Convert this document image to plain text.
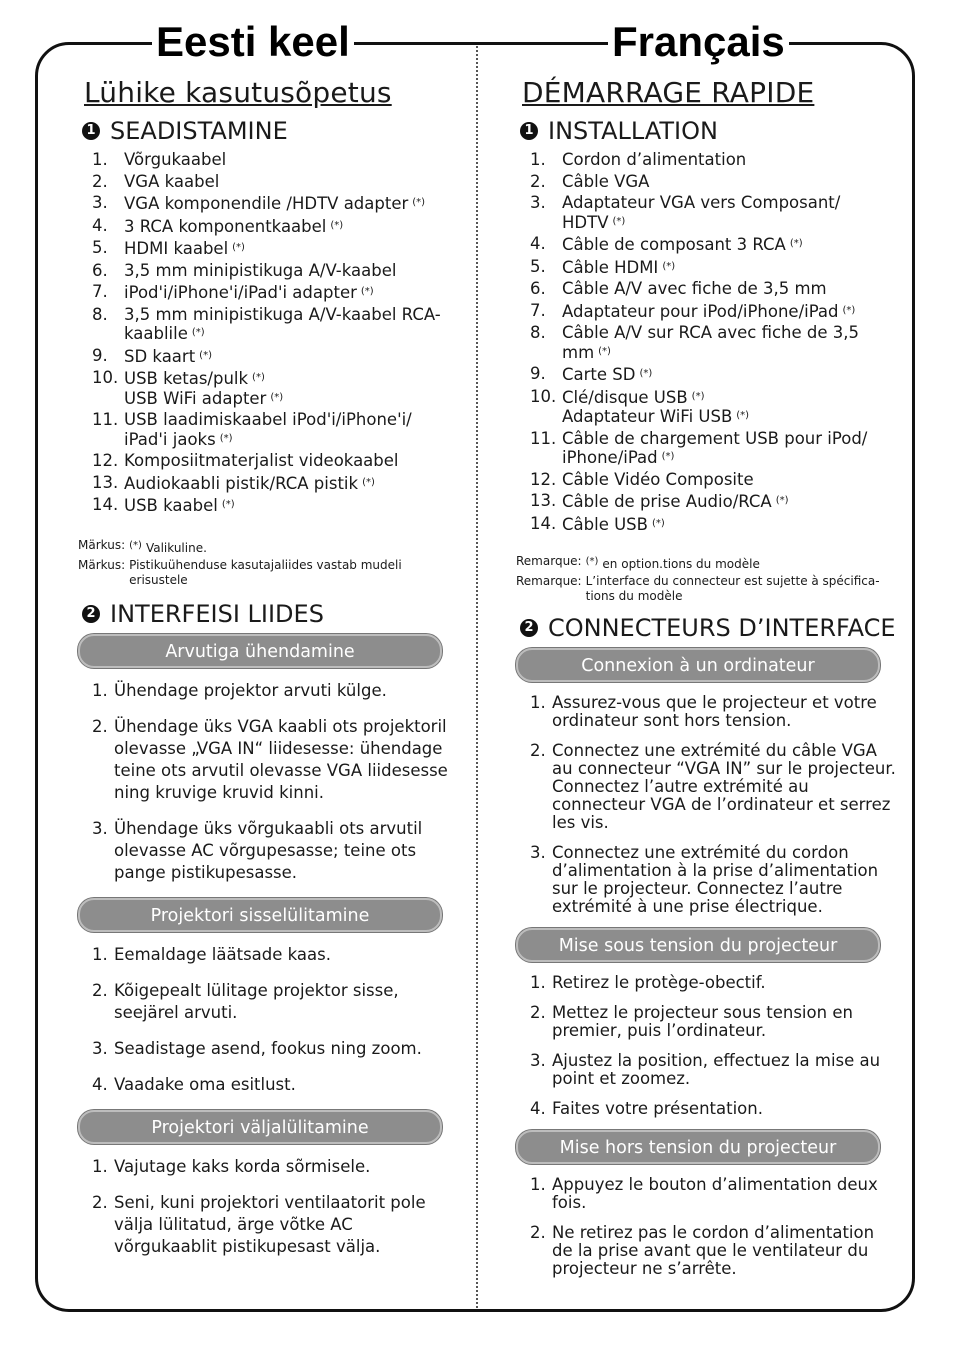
Eesti keel	Français
Lühike kasutusõpetus
1 SEADISTAMINE
1. Võrgukaabel
2. VGA kaabel
3. VGA komponendile /HDTV adapter (*)
4. 3 RCA komponentkaabel (*)
5. HDMI kaabel (*)
6. 3,5 mm minipistikuga A/V-kaabel
7. iPod'i/iPhone'i/iPad'i adapter (*)
8. 3,5 mm minipistikuga A/V-kaabel RCA-kaablile (*)
9. SD kaart (*)
10. USB ketas/pulk (*)
USB WiFi adapter (*)
11. USB laadimiskaabel iPod'i/iPhone'i/ iPad'i jaoks (*)
12. Komposiitmaterjalist videokaabel
13. Audiokaabli pistik/RCA pistik (*)
14. USB kaabel (*)
Märkus: (*) Valikuline.
Märkus: Pistikuühenduse kasutajaliides vastab mudeli erisustele
2 INTERFEISI LIIDES
Arvutiga ühendamine
1. Ühendage projektor arvuti külge.
2. Ühendage üks VGA kaabli ots projektoril olevasse „VGA IN“ liidesesse: ühendage teine ots arvutil olevasse VGA liidesesse ning kruvige kruvid kinni.
3. Ühendage üks võrgukaabli ots arvutil olevasse AC võrgupesasse; teine ots pange pistikupesasse.
Projektori sisselülitamine
1. Eemaldage läätsade kaas.
2. Kõigepealt lülitage projektor sisse, seejärel arvuti.
3. Seadistage asend, fookus ning zoom.
4. Vaadake oma esitlust.
Projektori väljalülitamine
1. Vajutage kaks korda sõrmisele.
2. Seni, kuni projektori ventilaatorit pole välja lülitatud, ärge võtke AC võrgukaablit pistikupesast välja.
DÉMARRAGE RAPIDE
1 INSTALLATION
1. Cordon d’alimentation
2. Câble VGA
3. Adaptateur VGA vers Composant/ HDTV (*)
4. Câble de composant 3 RCA (*)
5. Câble HDMI (*)
6. Câble A/V avec fiche de 3,5 mm
7. Adaptateur pour iPod/iPhone/iPad (*)
8. Câble A/V sur RCA avec fiche de 3,5 mm (*)
9. Carte SD (*)
10. Clé/disque USB (*)
Adaptateur WiFi USB (*)
11. Câble de chargement USB pour iPod/ iPhone/iPad (*)
12. Câble Vidéo Composite
13. Câble de prise Audio/RCA (*)
14. Câble USB (*)
Remarque: (*) en option.tions du modèle
Remarque: L’interface du connecteur est sujette à spécifica- tions du modèle
2 CONNECTEURS D’INTERFACE
Connexion à un ordinateur
1. Assurez-vous que le projecteur et votre ordinateur sont hors tension.
2. Connectez une extrémité du câble VGA au connecteur “VGA IN” sur le projecteur. Connectez l’autre extrémité au connecteur VGA de l’ordinateur et serrez les vis.
3. Connectez une extrémité du cordon d’alimentation à la prise d’alimentation sur le projecteur. Connectez l’autre extrémité à une prise électrique.
Mise sous tension du projecteur
1. Retirez le protège-obectif.
2. Mettez le projecteur sous tension en premier, puis l’ordinateur.
3. Ajustez la position, effectuez la mise au point et zoomez.
4. Faites votre présentation.
Mise hors tension du projecteur
1. Appuyez le bouton d’alimentation deux fois.
2. Ne retirez pas le cordon d’alimentation de la prise avant que le ventilateur du projecteur ne s’arrête.
